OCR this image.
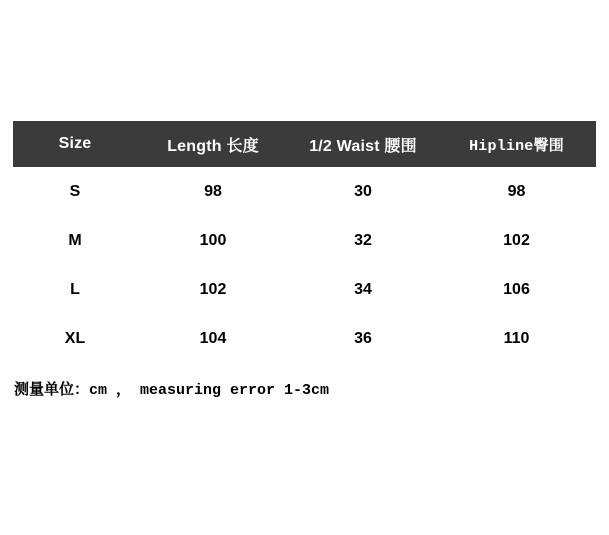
Size	Length 长度	1/2 Waist 腰围	Hipline臀围
S	98	30	98
M	100	32	102
L	102	34	106
XL	104	36	110
测量单位：cm ， measuring error 1-3cm
